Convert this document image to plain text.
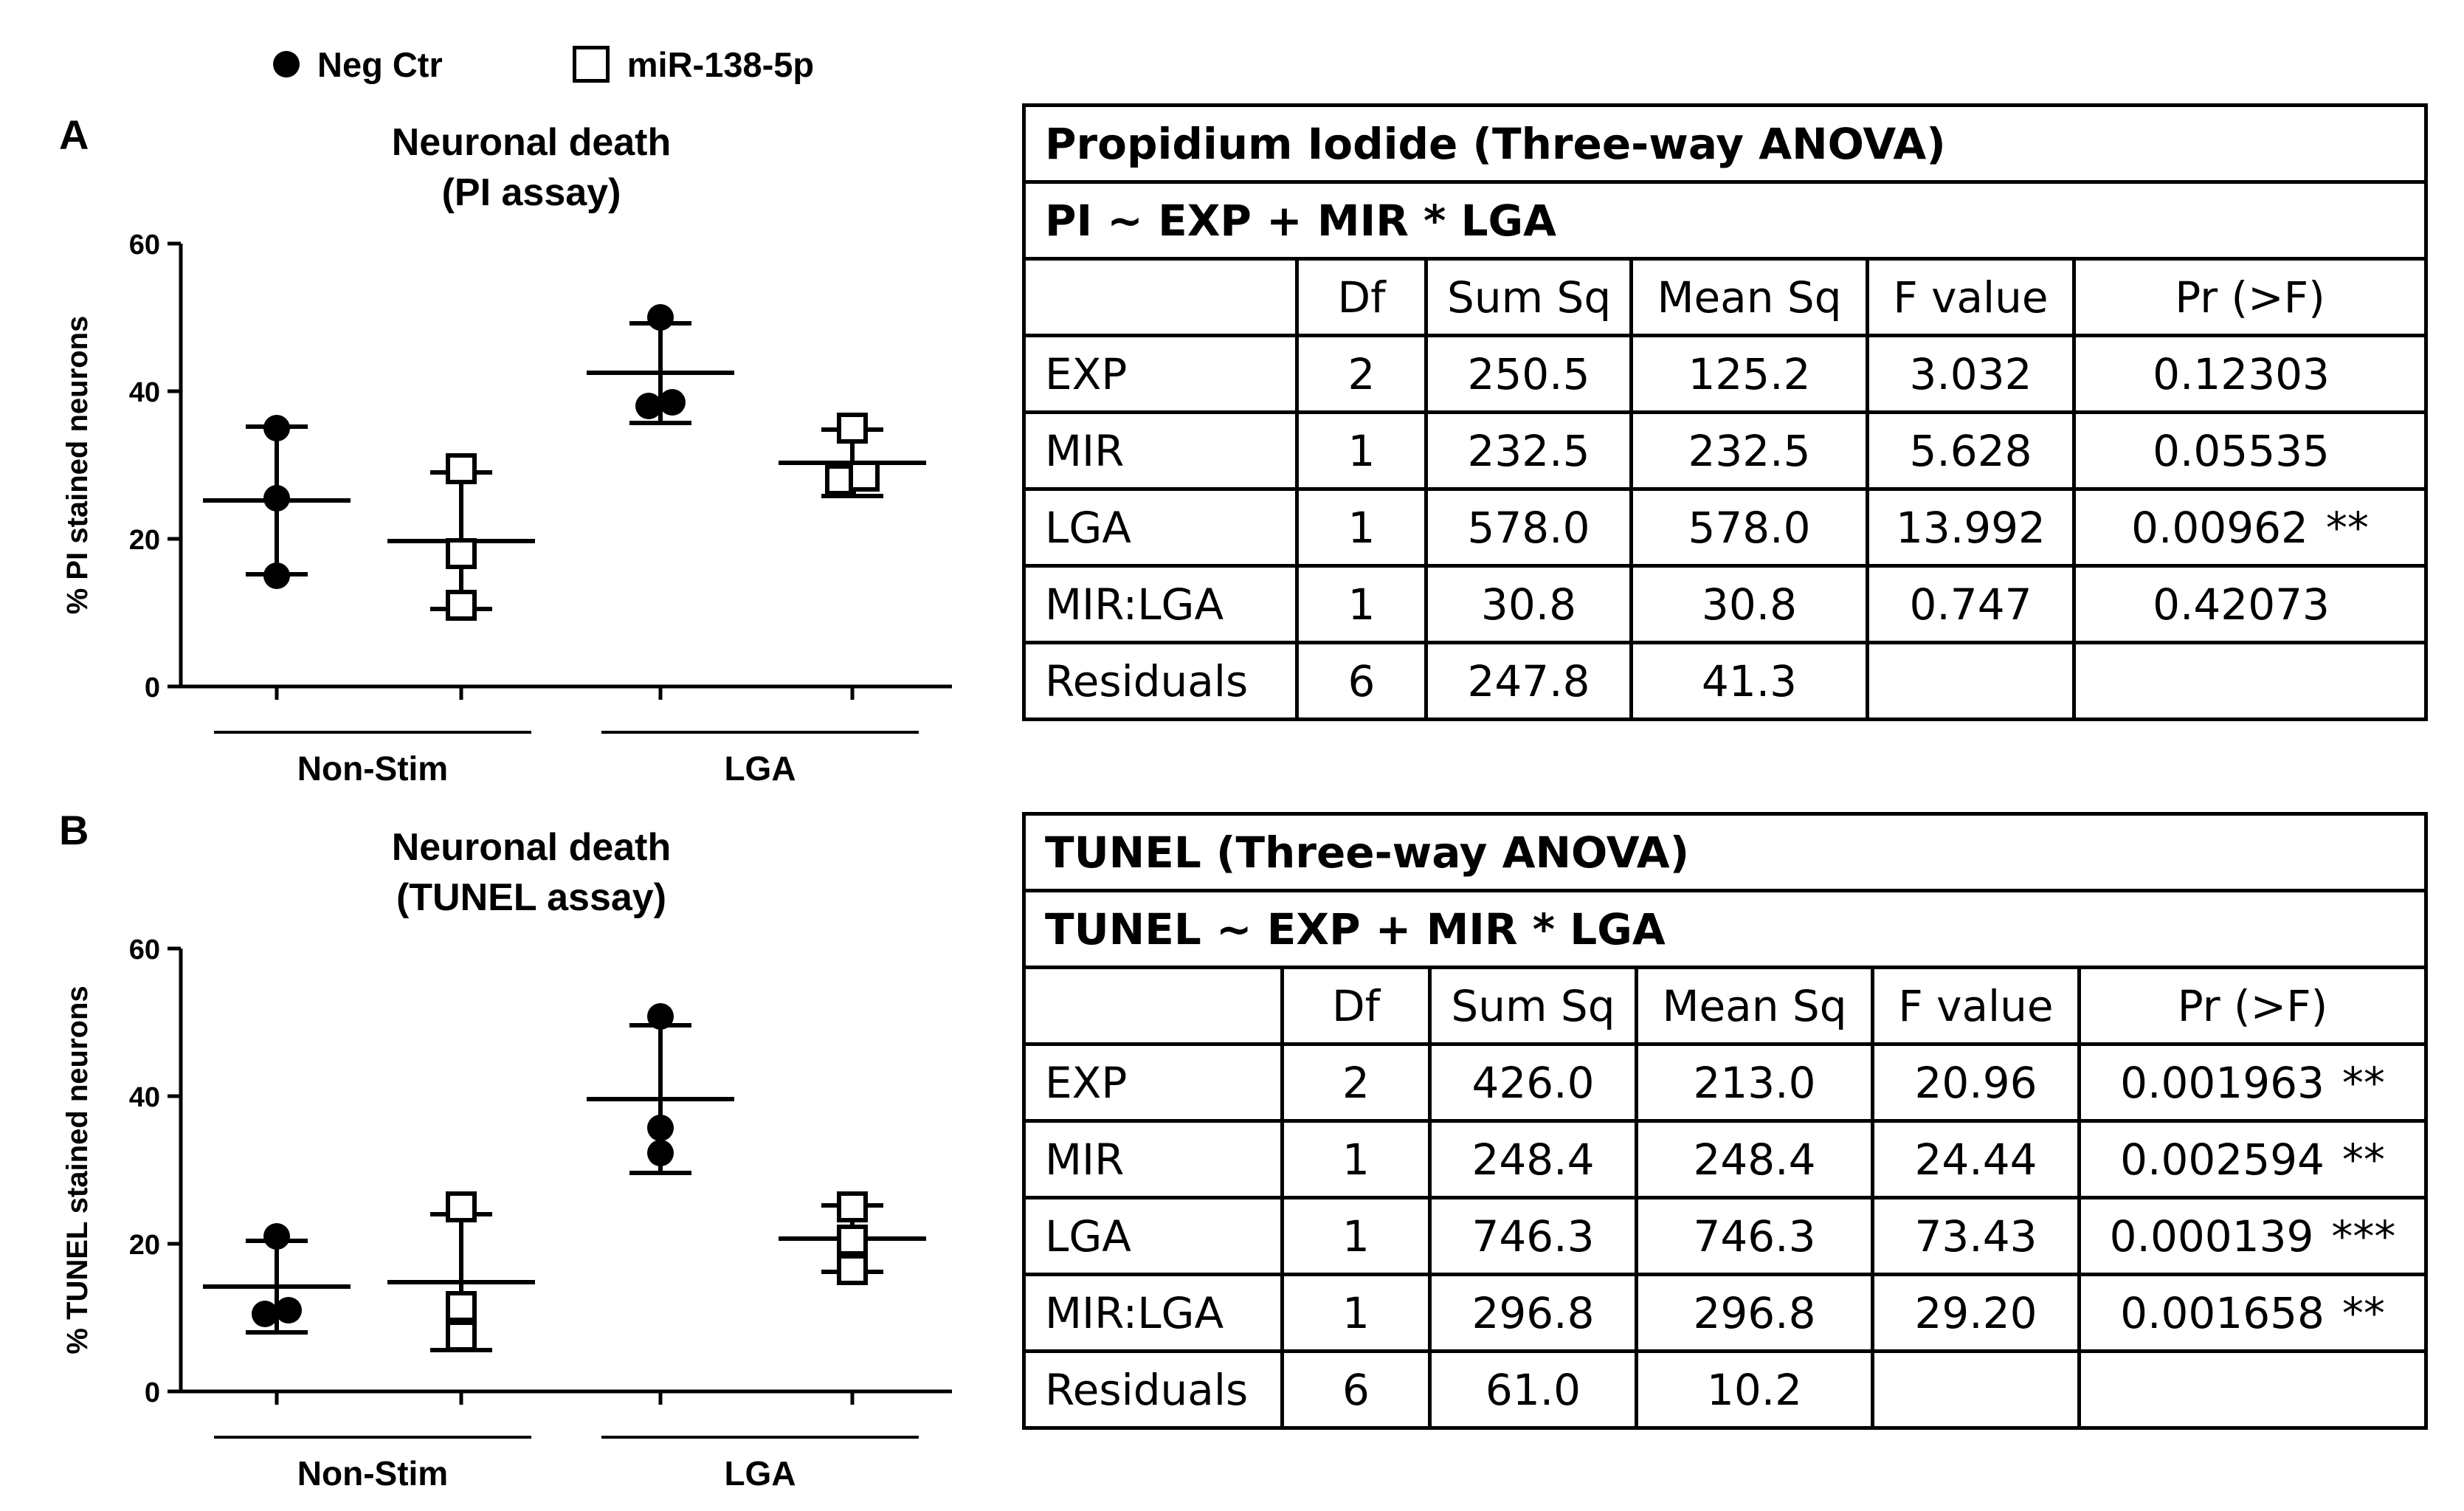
Neg Ctr	miR-138-5p
A
B
Neuronal death
(PI assay)
% PI stained neurons
0
20
40
60
Non-Stim	LGA
Neuronal death
(TUNEL assay)
% TUNEL stained neurons
0
20
40
60
Non-Stim	LGA
Propidium Iodide (Three-way ANOVA)					
PI ~ EXP + MIR * LGA					
	Df	Sum Sq	Mean Sq	F value	Pr (>F)
EXP	2	250.5	125.2	3.032	0.12303
MIR	1	232.5	232.5	5.628	0.05535
LGA	1	578.0	578.0	13.992	0.00962 **
MIR:LGA	1	30.8	30.8	0.747	0.42073
Residuals	6	247.8	41.3		
TUNEL (Three-way ANOVA)					
TUNEL ~ EXP + MIR * LGA					
	Df	Sum Sq	Mean Sq	F value	Pr (>F)
EXP	2	426.0	213.0	20.96	0.001963 **
MIR	1	248.4	248.4	24.44	0.002594 **
LGA	1	746.3	746.3	73.43	0.000139 ***
MIR:LGA	1	296.8	296.8	29.20	0.001658 **
Residuals	6	61.0	10.2		
